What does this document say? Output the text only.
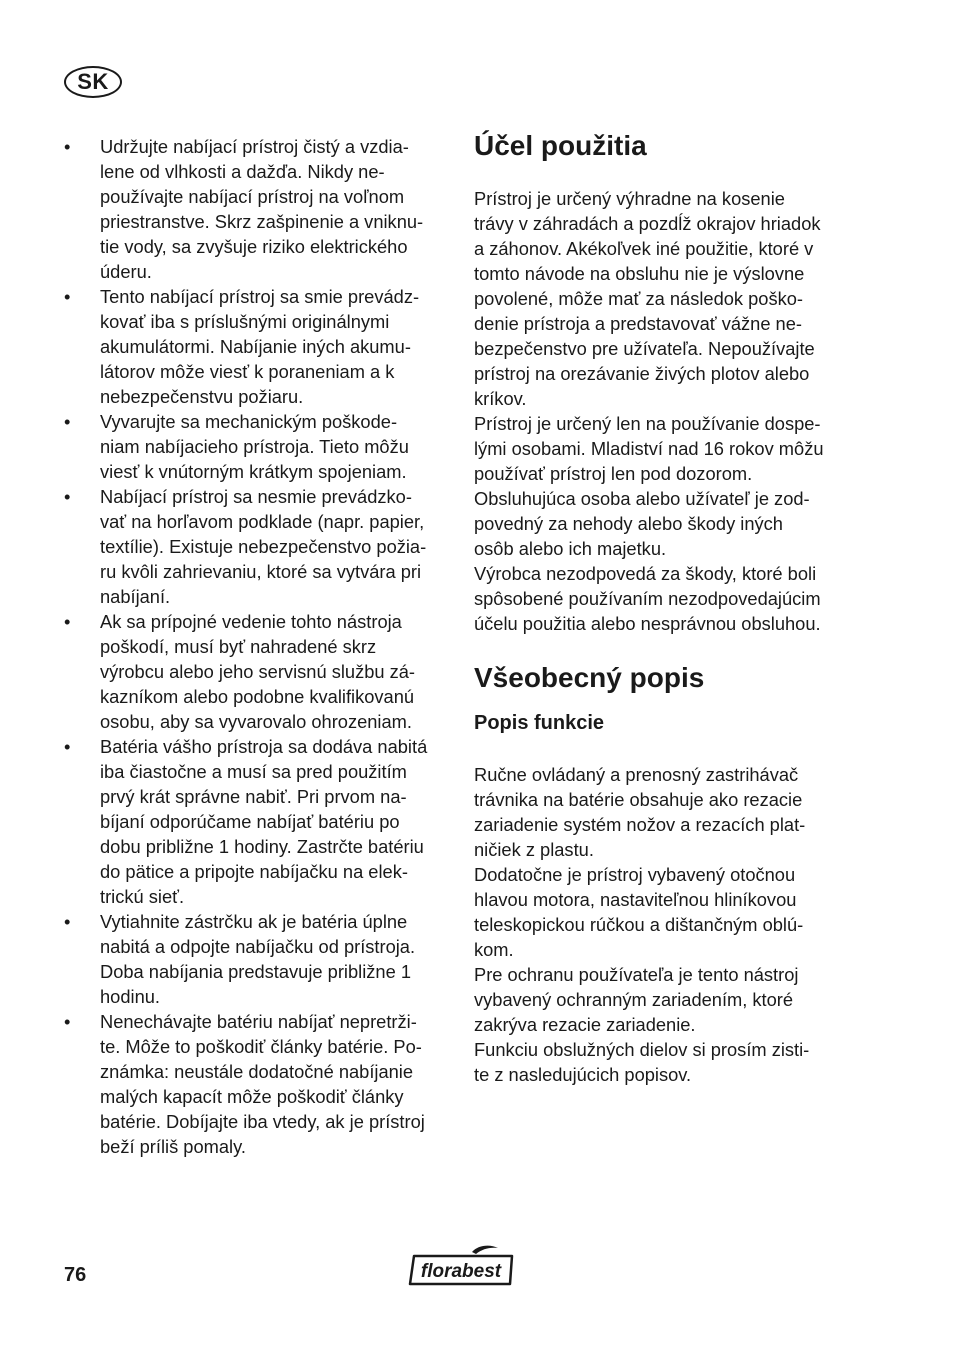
SK
• Udržujte nabíjací prístroj čistý a vzdia-
lene od vlhkosti a dažďa. Nikdy ne-
používajte nabíjací prístroj na voľnom
priestranstve. Skrz zašpinenie a vniknu-
tie vody, sa zvyšuje riziko elektrického
úderu.
• Tento nabíjací prístroj sa smie prevádz-
kovať iba s príslušnými originálnymi
akumulátormi. Nabíjanie iných akumu-
látorov môže viesť k poraneniam a k
nebezpečenstvu požiaru.
• Vyvarujte sa mechanickým poškode-
niam nabíjacieho prístroja. Tieto môžu
viesť k vnútorným krátkym spojeniam.
• Nabíjací prístroj sa nesmie prevádzko-
vať na horľavom podklade (napr. papier,
textílie). Existuje nebezpečenstvo požia-
ru kvôli zahrievaniu, ktoré sa vytvára pri
nabíjaní.
• Ak sa prípojné vedenie tohto nástroja
poškodí, musí byť nahradené skrz
výrobcu alebo jeho servisnú službu zá-
kazníkom alebo podobne kvalifikovanú
osobu, aby sa vyvarovalo ohrozeniam.
• Batéria vášho prístroja sa dodáva nabitá
iba čiastočne a musí sa pred použitím
prvý krát správne nabiť. Pri prvom na-
bíjaní odporúčame nabíjať batériu po
dobu približne 1 hodiny. Zastrčte batériu
do pätice a pripojte nabíjačku na elek-
trickú sieť.
• Vytiahnite zástrčku ak je batéria úplne
nabitá a odpojte nabíjačku od prístroja.
Doba nabíjania predstavuje približne 1
hodinu.
• Nenechávajte batériu nabíjať nepretrži-
te. Môže to poškodiť články batérie. Po-
známka: neustále dodatočné nabíjanie
malých kapacít môže poškodiť články
batérie. Dobíjajte iba vtedy, ak je prístroj
beží príliš pomaly.
Účel použitia

Prístroj je určený výhradne na kosenie
trávy v záhradách a pozdĺž okrajov hriadok
a záhonov. Akékoľvek iné použitie, ktoré v
tomto návode na obsluhu nie je výslovne
povolené, môže mať za následok poško-
denie prístroja a predstavovať vážne ne-
bezpečenstvo pre užívateľa. Nepoužívajte
prístroj na orezávanie živých plotov alebo
kríkov.
Prístroj je určený len na používanie dospe-
lými osobami. Mladiství nad 16 rokov môžu
používať prístroj len pod dozorom.
Obsluhujúca osoba alebo užívateľ je zod-
povedný za nehody alebo škody iných
osôb alebo ich majetku.
Výrobca nezodpovedá za škody, ktoré boli
spôsobené používaním nezodpovedajúcim
účelu použitia alebo nesprávnou obsluhou.

Všeobecný popis
Popis funkcie

Ručne ovládaný a prenosný zastrihávač
trávnika na batérie obsahuje ako rezacie
zariadenie systém nožov a rezacích plat-
ničiek z plastu.
Dodatočne je prístroj vybavený otočnou
hlavou motora, nastaviteľnou hliníkovou
teleskopickou rúčkou a dištančným oblú-
kom.
Pre ochranu používateľa je tento nástroj
vybavený ochranným zariadením, ktoré
zakrýva rezacie zariadenie.
Funkciu obslužných dielov si prosím zisti-
te z nasledujúcich popisov.

76	florabest
